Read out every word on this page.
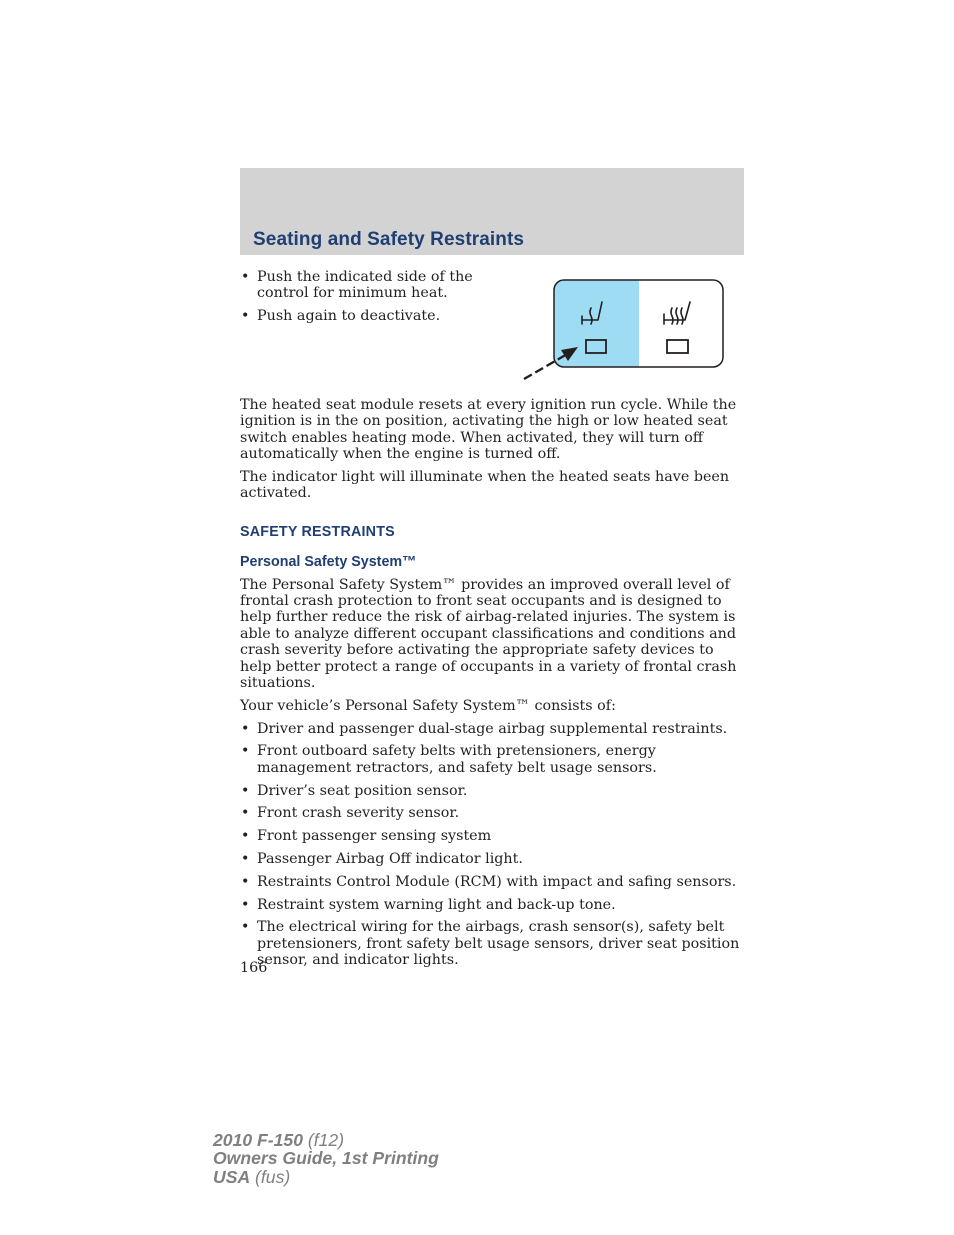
Seating and Safety Restraints
• Push the indicated side of the control for minimum heat.
• Push again to deactivate.

The heated seat module resets at every ignition run cycle. While the ignition is in the on position, activating the high or low heated seat switch enables heating mode. When activated, they will turn off automatically when the engine is turned off.

The indicator light will illuminate when the heated seats have been activated.

SAFETY RESTRAINTS
Personal Safety System™

The Personal Safety System™ provides an improved overall level of frontal crash protection to front seat occupants and is designed to help further reduce the risk of airbag-related injuries. The system is able to analyze different occupant classifications and conditions and crash severity before activating the appropriate safety devices to help better protect a range of occupants in a variety of frontal crash situations.

Your vehicle’s Personal Safety System™ consists of:

• Driver and passenger dual-stage airbag supplemental restraints.
• Front outboard safety belts with pretensioners, energy management retractors, and safety belt usage sensors.
• Driver’s seat position sensor.
• Front crash severity sensor.
• Front passenger sensing system
• Passenger Airbag Off indicator light.
• Restraints Control Module (RCM) with impact and safing sensors.
• Restraint system warning light and back-up tone.
• The electrical wiring for the airbags, crash sensor(s), safety belt pretensioners, front safety belt usage sensors, driver seat position sensor, and indicator lights.
166
2010 F-150 (f12)
Owners Guide, 1st Printing
USA (fus)
